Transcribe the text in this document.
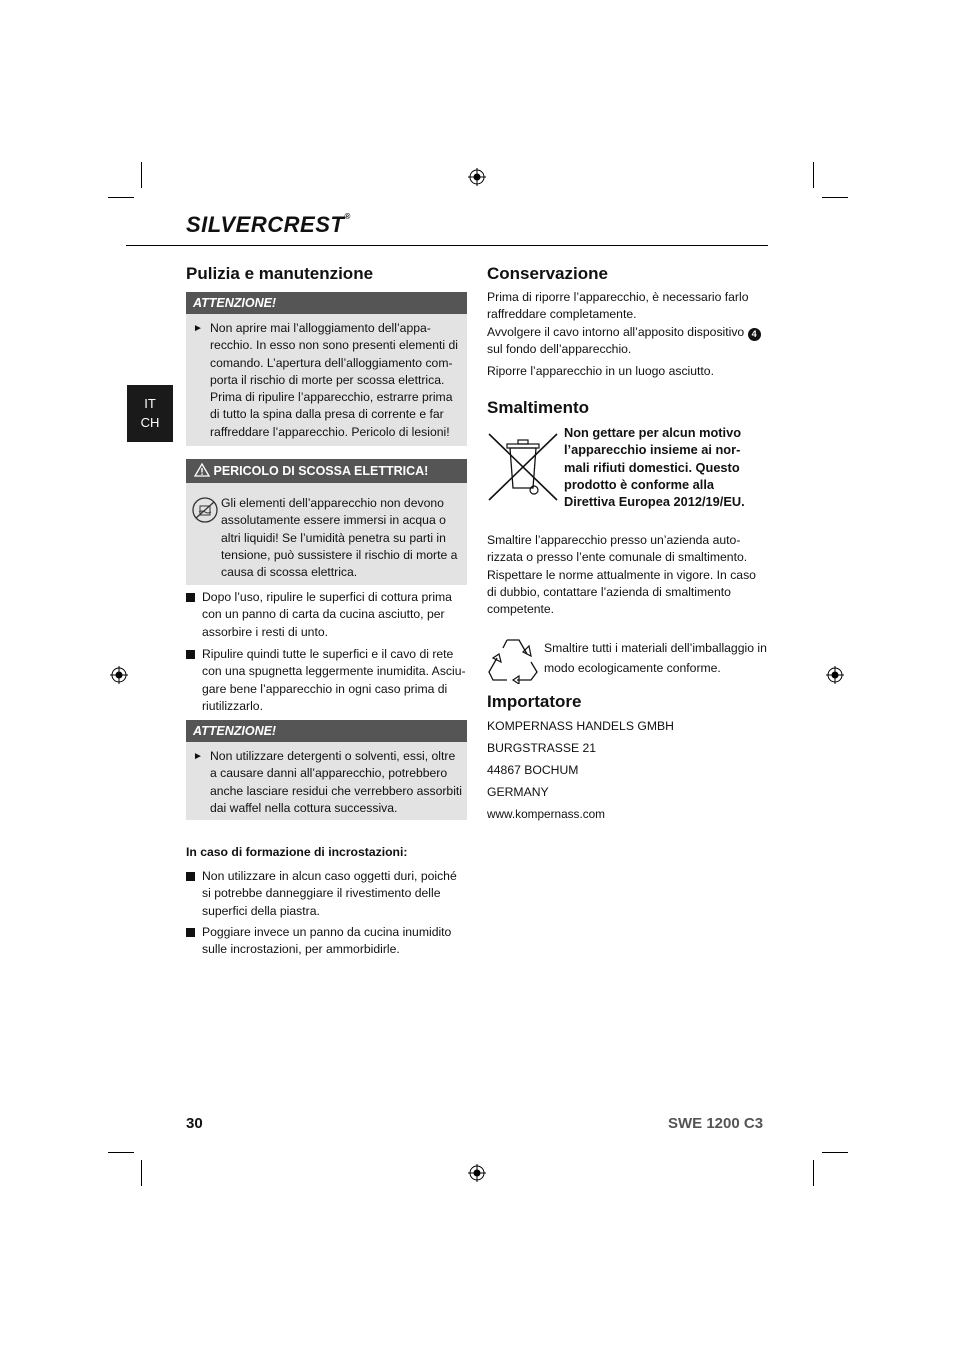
SILVERCREST®
IT
CH
Pulizia e manutenzione
ATTENZIONE!
► Non aprire mai l’alloggiamento dell’appa-
recchio. In esso non sono presenti elementi di
comando. L’apertura dell’alloggiamento com-
porta il rischio di morte per scossa elettrica.
Prima di ripulire l’apparecchio, estrarre prima
di tutto la spina dalla presa di corrente e far
raffreddare l’apparecchio. Pericolo di lesioni!
PERICOLO DI SCOSSA ELETTRICA!
Gli elementi dell’apparecchio non devono
assolutamente essere immersi in acqua o
altri liquidi! Se l’umidità penetra su parti in
tensione, può sussistere il rischio di morte a
causa di scossa elettrica.
Dopo l’uso, ripulire le superfici di cottura prima
con un panno di carta da cucina asciutto, per
assorbire i resti di unto.
Ripulire quindi tutte le superfici e il cavo di rete
con una spugnetta leggermente inumidita. Asciu-
gare bene l’apparecchio in ogni caso prima di
riutilizzarlo.
ATTENZIONE!
► Non utilizzare detergenti o solventi, essi, oltre
a causare danni all’apparecchio, potrebbero
anche lasciare residui che verrebbero assorbiti
dai waffel nella cottura successiva.
In caso di formazione di incrostazioni:
Non utilizzare in alcun caso oggetti duri, poiché
si potrebbe danneggiare il rivestimento delle
superfici della piastra.
Poggiare invece un panno da cucina inumidito
sulle incrostazioni, per ammorbidirle.
Conservazione
Prima di riporre l’apparecchio, è necessario farlo
raffreddare completamente.
Avvolgere il cavo intorno all’apposito dispositivo 4
sul fondo dell’apparecchio.
Riporre l’apparecchio in un luogo asciutto.
Smaltimento
Non gettare per alcun motivo
l’apparecchio insieme ai nor-
mali rifiuti domestici. Questo
prodotto è conforme alla
Direttiva Europea 2012/19/EU.
Smaltire l’apparecchio presso un’azienda auto-
rizzata o presso l’ente comunale di smaltimento.
Rispettare le norme attualmente in vigore. In caso
di dubbio, contattare l’azienda di smaltimento
competente.
Smaltire tutti i materiali dell’imballaggio in
modo ecologicamente conforme.
Importatore
KOMPERNASS HANDELS GMBH
BURGSTRASSE 21
44867 BOCHUM
GERMANY
www.kompernass.com
30	SWE 1200 C3
